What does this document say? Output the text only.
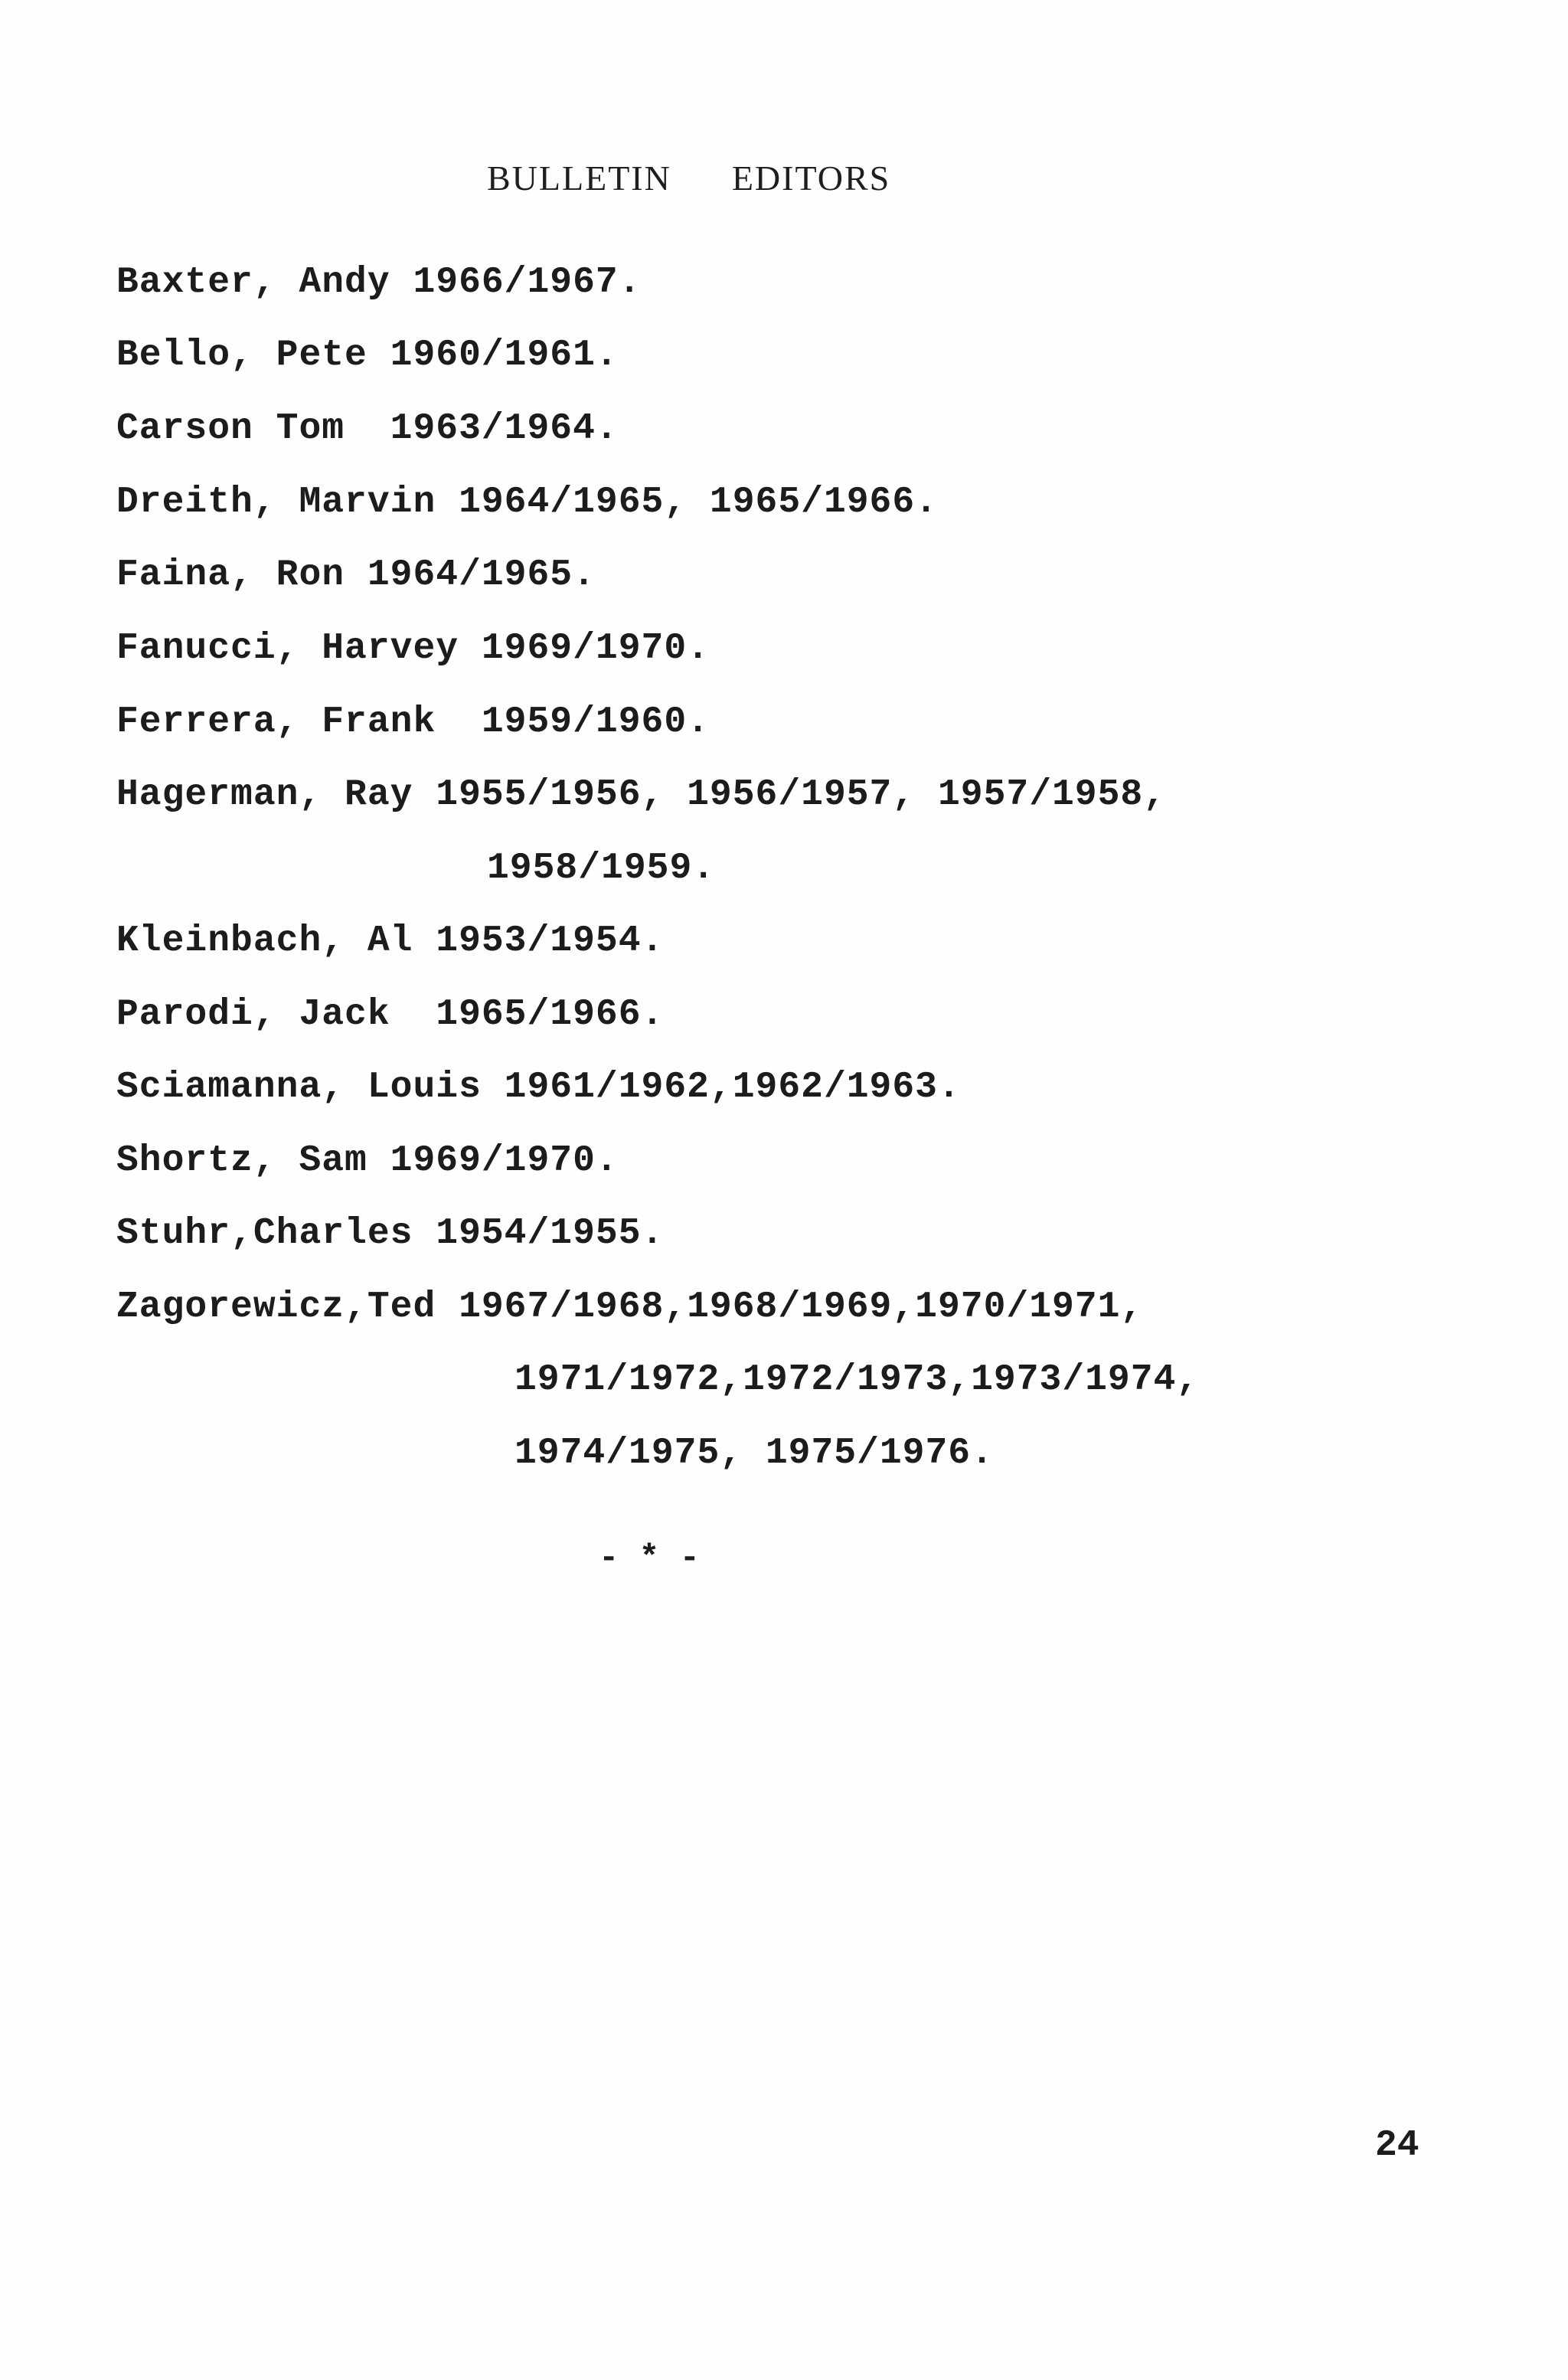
BULLETIN  EDITORS
Baxter, Andy 1966/1967.
Bello, Pete 1960/1961.
Carson Tom  1963/1964.
Dreith, Marvin 1964/1965, 1965/1966.
Faina, Ron 1964/1965.
Fanucci, Harvey 1969/1970.
Ferrera, Frank  1959/1960.
Hagerman, Ray 1955/1956, 1956/1957, 1957/1958,
1958/1959.
Kleinbach, Al 1953/1954.
Parodi, Jack  1965/1966.
Sciamanna, Louis 1961/1962,1962/1963.
Shortz, Sam 1969/1970.
Stuhr,Charles 1954/1955.
Zagorewicz,Ted 1967/1968,1968/1969,1970/1971,
1971/1972,1972/1973,1973/1974,
1974/1975, 1975/1976.
- * -
24
